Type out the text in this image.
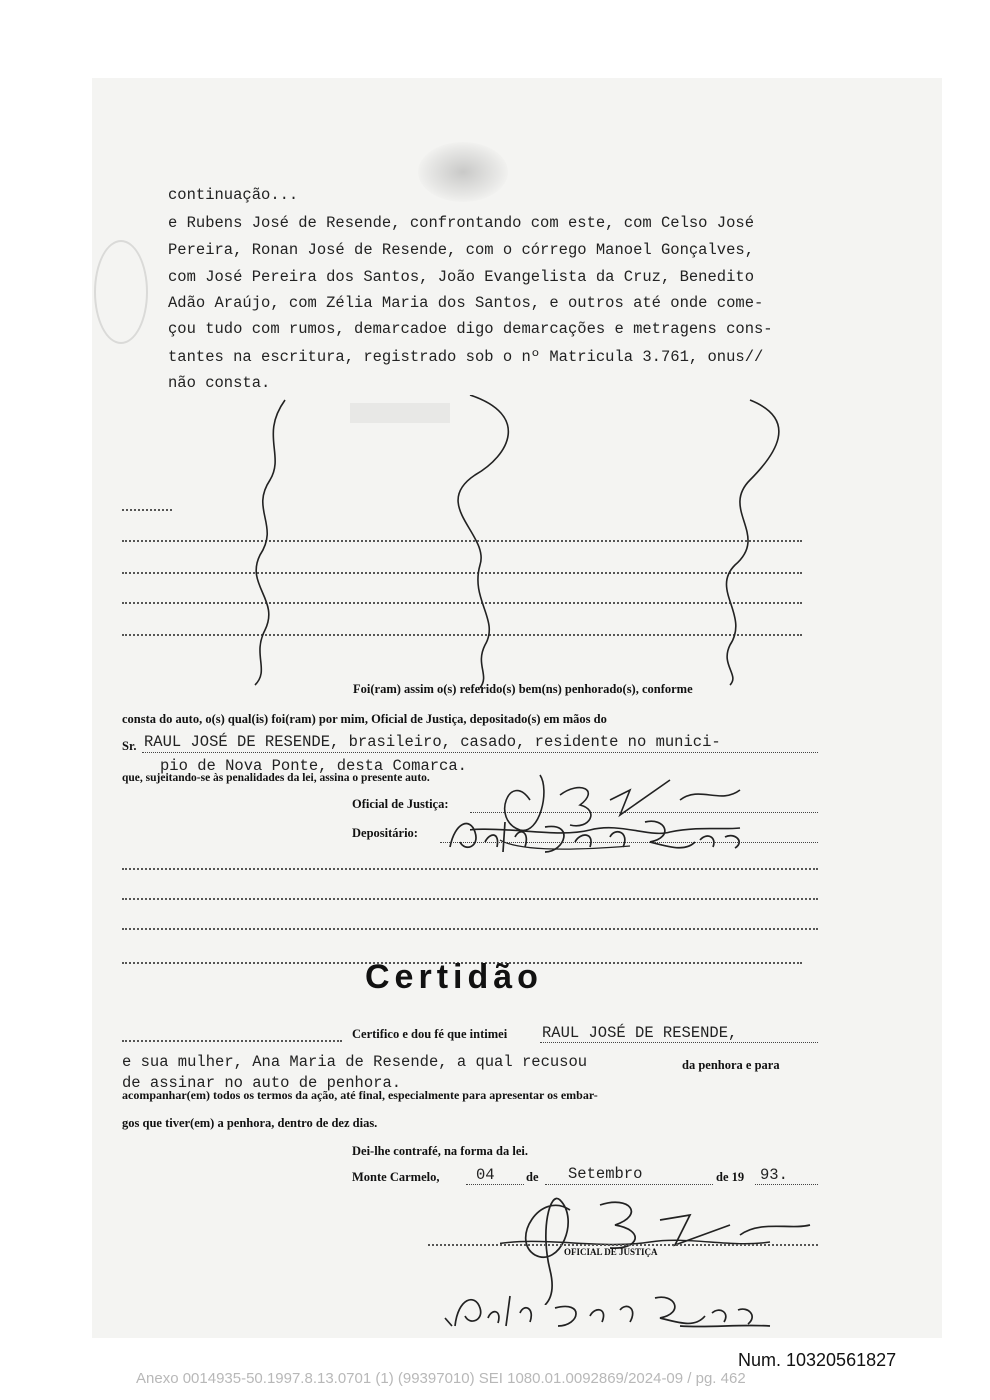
continuação...
e Rubens José de Resende, confrontando com este, com Celso José
Pereira, Ronan José de Resende, com o córrego Manoel Gonçalves,
com José Pereira dos Santos, João Evangelista da Cruz, Benedito
Adão Araújo, com Zélia Maria dos Santos, e outros até onde come-
çou tudo com rumos, demarcadoe digo demarcações e metragens cons-
tantes na escritura, registrado sob o nº Matricula 3.761, onus//
não consta.
Foi(ram) assim o(s) referido(s) bem(ns) penhorado(s), conforme
consta do auto, o(s) qual(is) foi(ram) por mim, Oficial de Justiça, depositado(s) em mãos do
Sr. RAUL JOSÉ DE RESENDE, brasileiro, casado, residente no munici-
pio de Nova Ponte, desta Comarca.
que, sujeitando-se às penalidades da lei, assina o presente auto.
Oficial de Justiça:
Depositário:
Certidão
Certifico e dou fé que intimei RAUL JOSÉ DE RESENDE,
e sua mulher, Ana Maria de Resende, a qual recusou	da penhora e para
de assinar no auto de penhora.
acompanhar(em) todos os termos da ação, até final, especialmente para apresentar os embar-
gos que tiver(em) a penhora, dentro de dez dias.
Dei-lhe contrafé, na forma da lei.
Monte Carmelo, 04	de Setembro	de 19 93.
OFICIAL DE JUSTIÇA
Num. 10320561827
Anexo 0014935-50.1997.8.13.0701 (1) (99397010) SEI 1080.01.0092869/2024-09 / pg. 462
